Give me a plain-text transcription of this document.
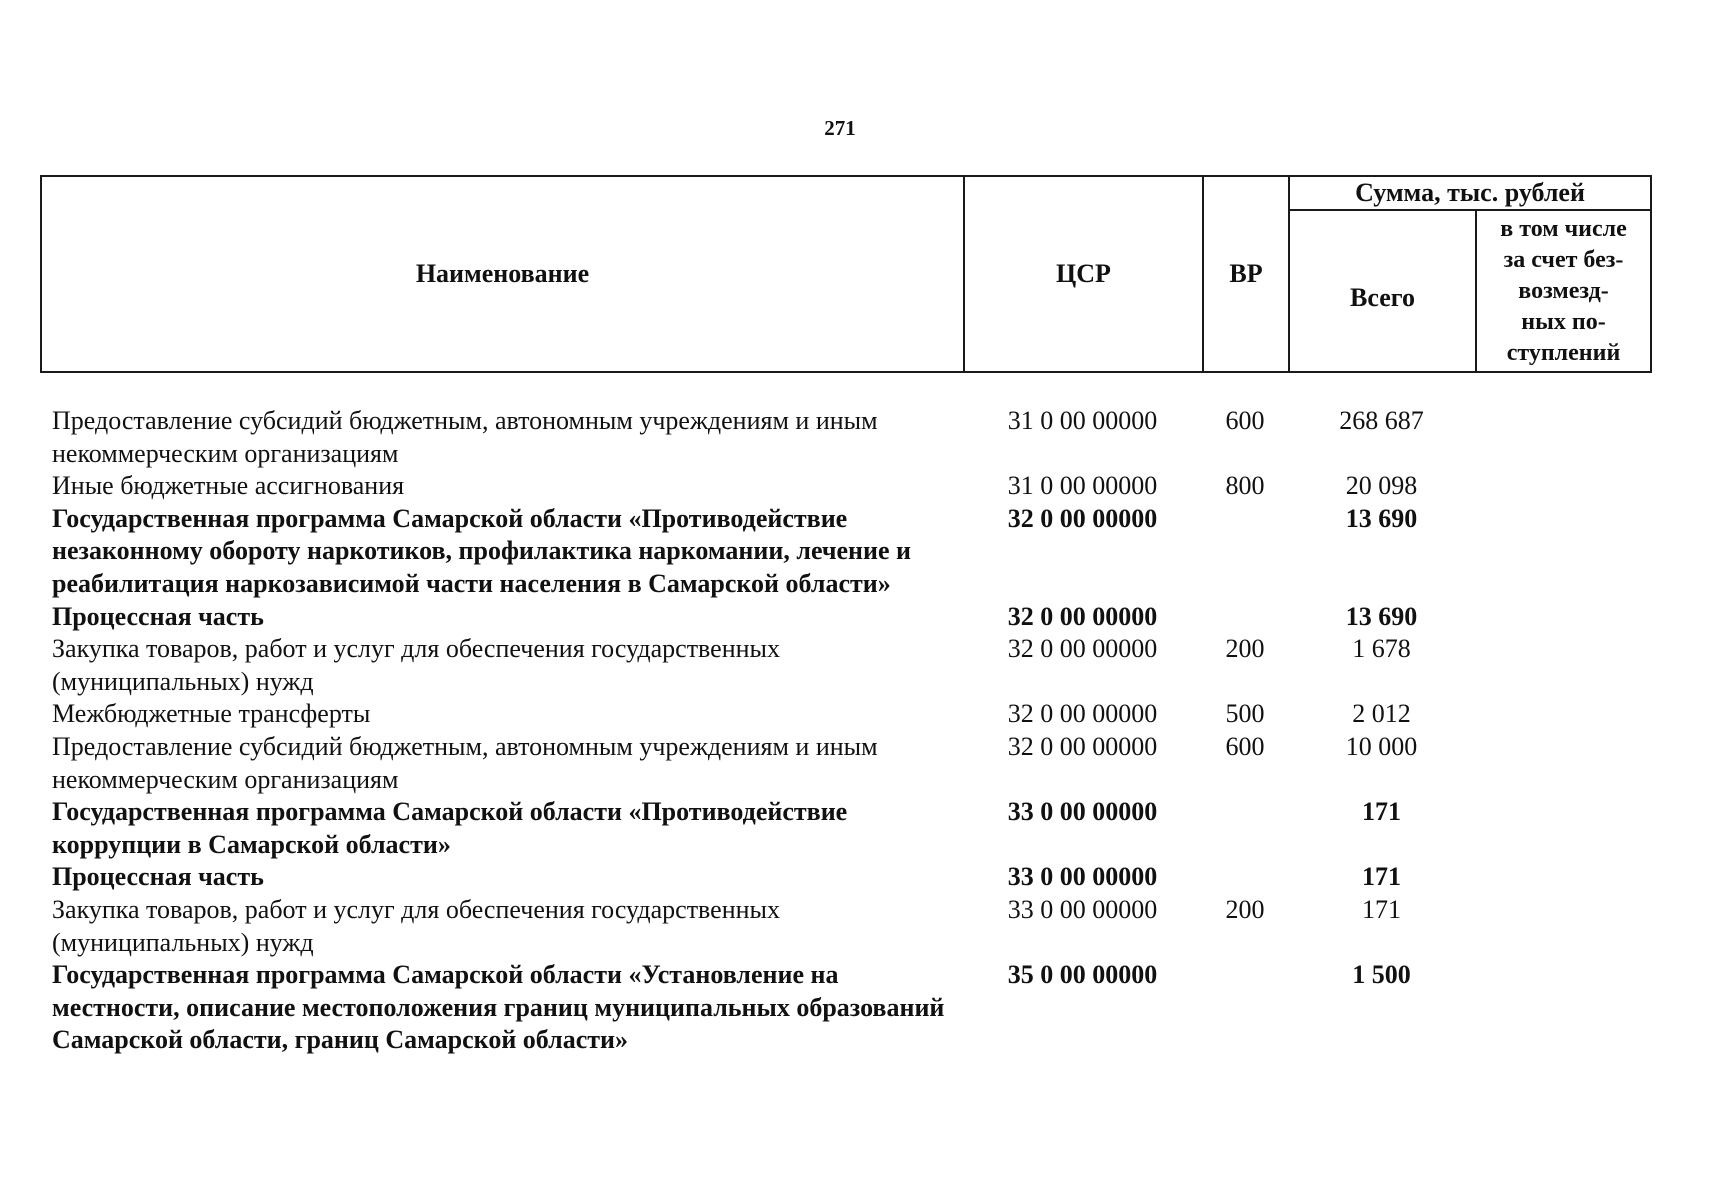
271
Наименование	ЦСР	ВР	Сумма, тыс. рублей	
			Всего	в том числе
за счет без-
возмезд-
ных по-
ступлений
Предоставление субсидий бюджетным, автономным учреждениям и иным некоммерческим организациям	31 0 00 00000	600	268 687	
Иные бюджетные ассигнования	31 0 00 00000	800	20 098	
Государственная программа Самарской области «Противодействие незаконному обороту наркотиков, профилактика наркомании, лечение и реабилитация наркозависимой части населения в Самарской области»	32 0 00 00000		13 690	
Процессная часть	32 0 00 00000		13 690	
Закупка товаров, работ и услуг для обеспечения государственных (муниципальных) нужд	32 0 00 00000	200	1 678	
Межбюджетные трансферты	32 0 00 00000	500	2 012	
Предоставление субсидий бюджетным, автономным учреждениям и иным некоммерческим организациям	32 0 00 00000	600	10 000	
Государственная программа Самарской области «Противодействие коррупции в Самарской области»	33 0 00 00000		171	
Процессная часть	33 0 00 00000		171	
Закупка товаров, работ и услуг для обеспечения государственных (муниципальных) нужд	33 0 00 00000	200	171	
Государственная программа Самарской области «Установление на местности, описание местоположения границ муниципальных образований Самарской области, границ Самарской области»	35 0 00 00000		1 500	
